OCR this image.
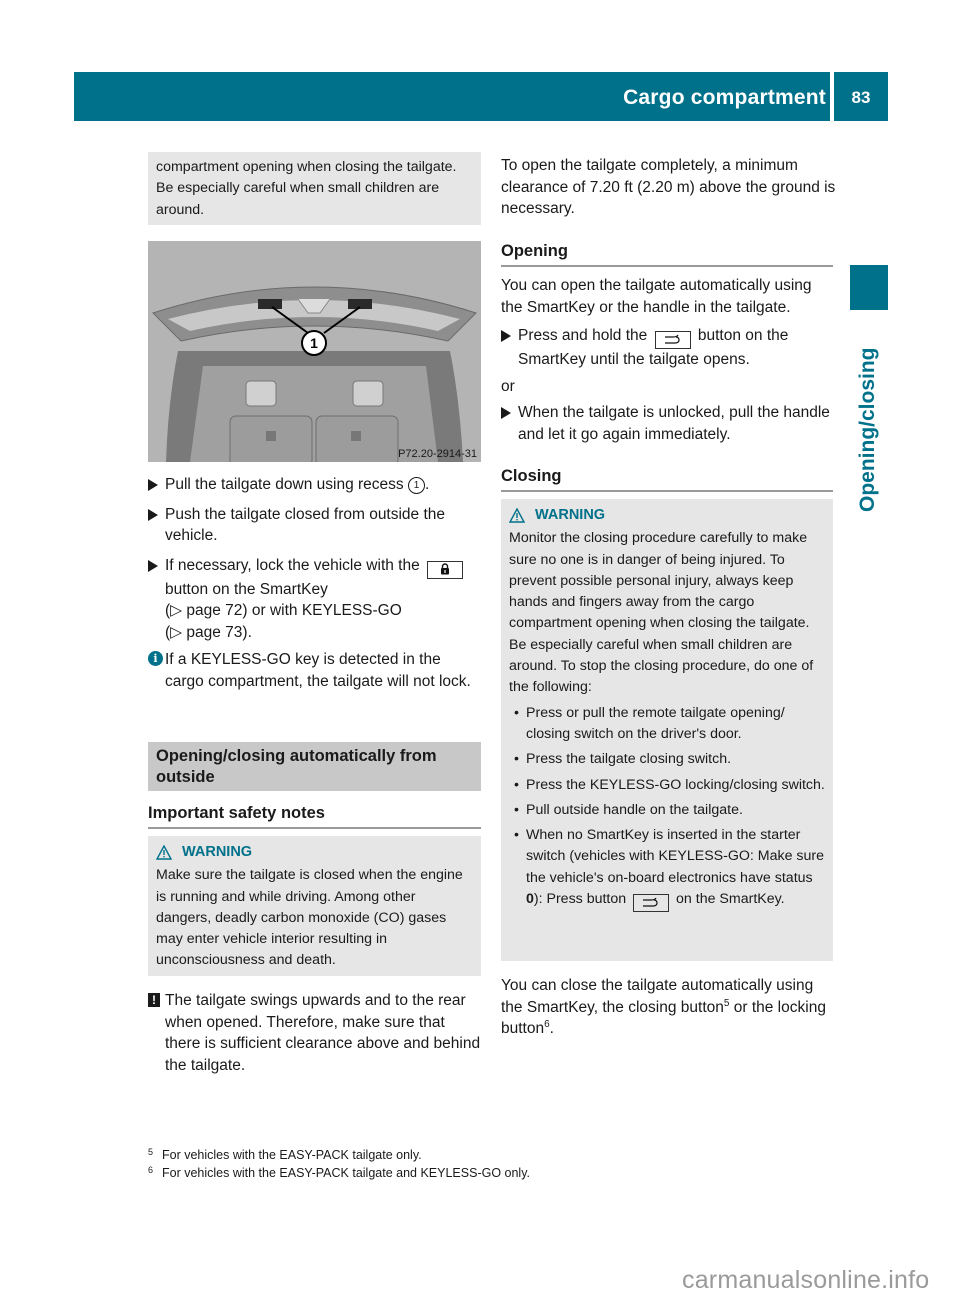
Cargo compartment	83
Opening/closing
compartment opening when closing the tailgate. Be especially careful when small children are around.
1
P72.20-2914-31
Pull the tailgate down using recess 1 .
Push the tailgate closed from outside the vehicle.
If necessary, lock the vehicle with the  button on the SmartKey
(▷ page 72) or with KEYLESS-GO
(▷ page 73).
i If a KEYLESS-GO key is detected in the cargo compartment, the tailgate will not lock.
Opening/closing automatically from outside
Important safety notes
WARNING
Make sure the tailgate is closed when the engine is running and while driving. Among other dangers, deadly carbon monoxide (CO) gases may enter vehicle interior resulting in unconsciousness and death.
! The tailgate swings upwards and to the rear when opened. Therefore, make sure that there is sufficient clearance above and behind the tailgate.
To open the tailgate completely, a minimum clearance of 7.20 ft (2.20 m) above the ground is necessary.
Opening
You can open the tailgate automatically using the SmartKey or the handle in the tailgate.
Press and hold the	button on the SmartKey until the tailgate opens.
or
When the tailgate is unlocked, pull the handle and let it go again immediately.
Closing
WARNING
Monitor the closing procedure carefully to make sure no one is in danger of being injured. To prevent possible personal injury, always keep hands and fingers away from the cargo compartment opening when closing the tailgate. Be especially careful when small children are around. To stop the closing procedure, do one of the following:
• Press or pull the remote tailgate opening/ closing switch on the driver's door.
• Press the tailgate closing switch.
• Press the KEYLESS-GO locking/closing switch.
• Pull outside handle on the tailgate.
• When no SmartKey is inserted in the starter switch (vehicles with KEYLESS-GO: Make sure the vehicle's on-board electronics have status 0): Press button	on the SmartKey.
You can close the tailgate automatically using the SmartKey, the closing button$^5$ or the locking button$^6$.
5 For vehicles with the EASY-PACK tailgate only.
6 For vehicles with the EASY-PACK tailgate and KEYLESS-GO only.
carmanualsonline.info
